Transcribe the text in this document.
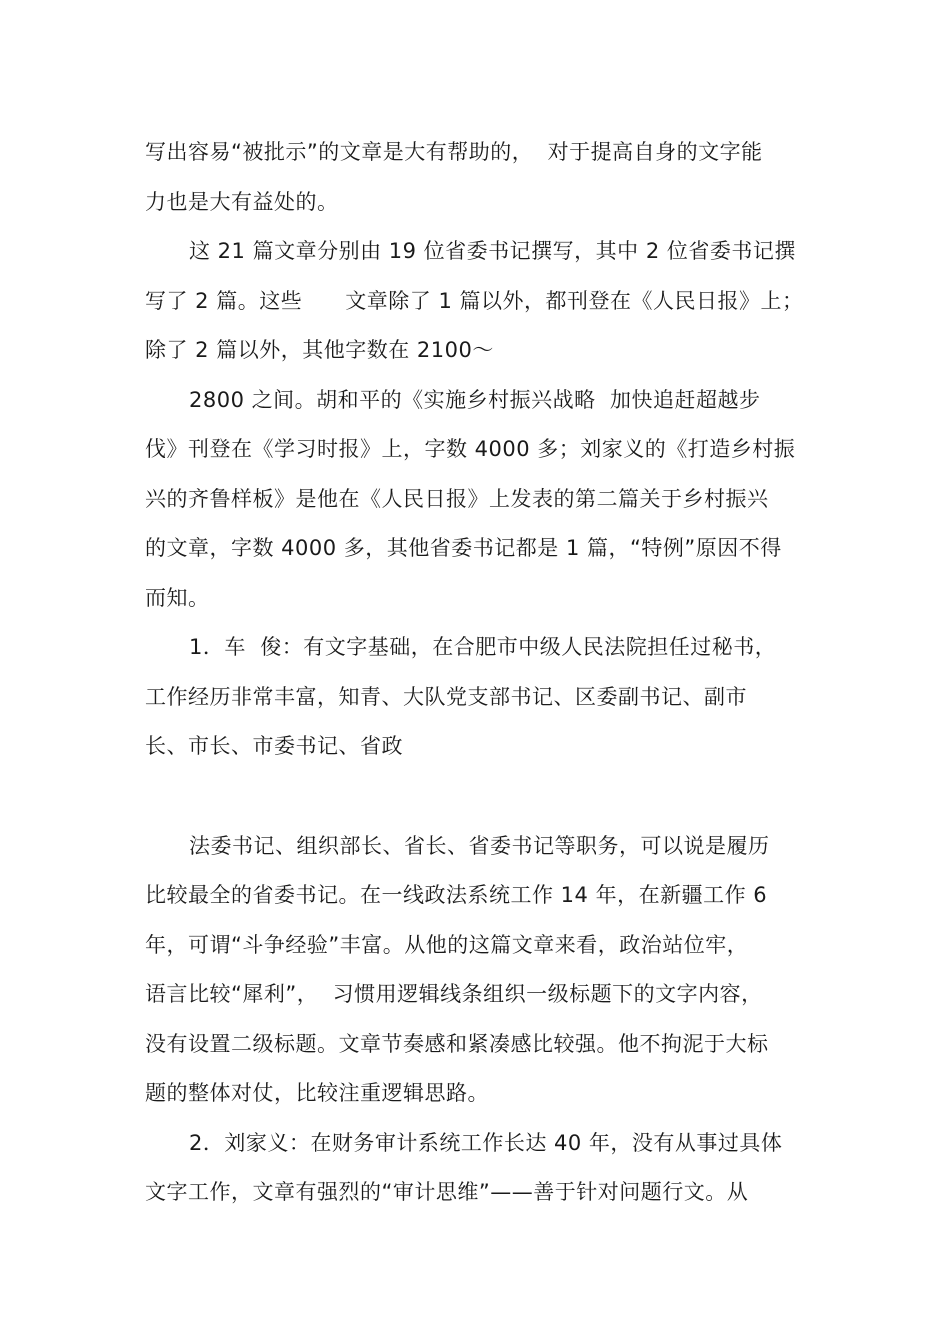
写出容易“被批示”的文章是大有帮助的，  对于提高自身的文字能
力也是大有益处的。
这 21 篇文章分别由 19 位省委书记撰写，其中 2 位省委书记撰
写了 2 篇。这些      文章除了 1 篇以外，都刊登在《人民日报》上；
除了 2 篇以外，其他字数在 2100～
2800 之间。胡和平的《实施乡村振兴战略  加快追赶超越步
伐》刊登在《学习时报》上，字数 4000 多；刘家义的《打造乡村振
兴的齐鲁样板》是他在《人民日报》上发表的第二篇关于乡村振兴
的文章，字数 4000 多，其他省委书记都是 1 篇，“特例”原因不得
而知。
1．车  俊：有文字基础，在合肥市中级人民法院担任过秘书，
工作经历非常丰富，知青、大队党支部书记、区委副书记、副市
长、市长、市委书记、省政
法委书记、组织部长、省长、省委书记等职务，可以说是履历
比较最全的省委书记。在一线政法系统工作 14 年，在新疆工作 6
年，可谓“斗争经验”丰富。从他的这篇文章来看，政治站位牢，
语言比较“犀利”，  习惯用逻辑线条组织一级标题下的文字内容，
没有设置二级标题。文章节奏感和紧凑感比较强。他不拘泥于大标
题的整体对仗，比较注重逻辑思路。
2．刘家义：在财务审计系统工作长达 40 年，没有从事过具体
文字工作，文章有强烈的“审计思维”——善于针对问题行文。从
